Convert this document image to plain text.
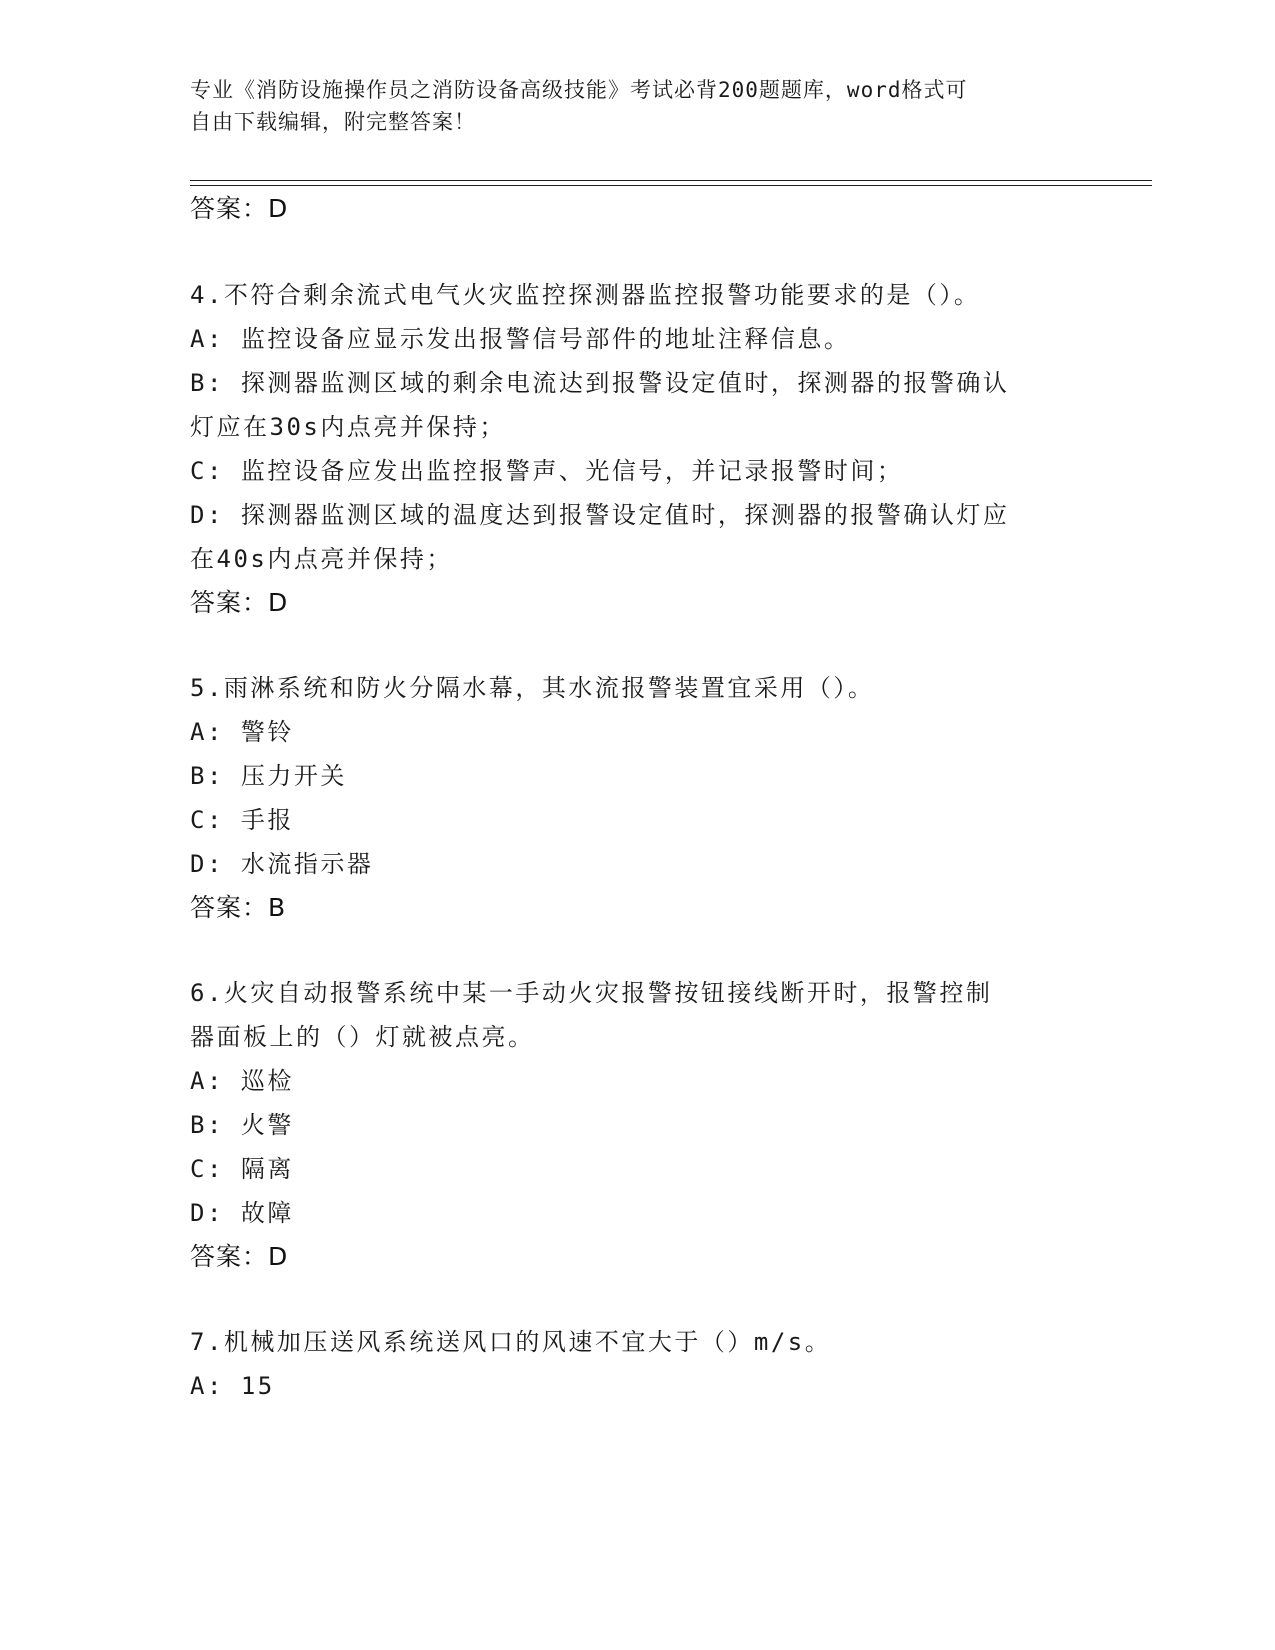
专业《消防设施操作员之消防设备高级技能》考试必背200题题库，word格式可
自由下载编辑，附完整答案！
答案：D
4.不符合剩余流式电气火灾监控探测器监控报警功能要求的是（）。
A: 监控设备应显示发出报警信号部件的地址注释信息。
B: 探测器监测区域的剩余电流达到报警设定值时，探测器的报警确认
灯应在30s内点亮并保持；
C: 监控设备应发出监控报警声、光信号，并记录报警时间；
D: 探测器监测区域的温度达到报警设定值时，探测器的报警确认灯应
在40s内点亮并保持；
答案：D
5.雨淋系统和防火分隔水幕，其水流报警装置宜采用（）。
A: 警铃
B: 压力开关
C: 手报
D: 水流指示器
答案：B
6.火灾自动报警系统中某一手动火灾报警按钮接线断开时，报警控制
器面板上的（）灯就被点亮。
A: 巡检
B: 火警
C: 隔离
D: 故障
答案：D
7.机械加压送风系统送风口的风速不宜大于（）m/s。
A: 15
